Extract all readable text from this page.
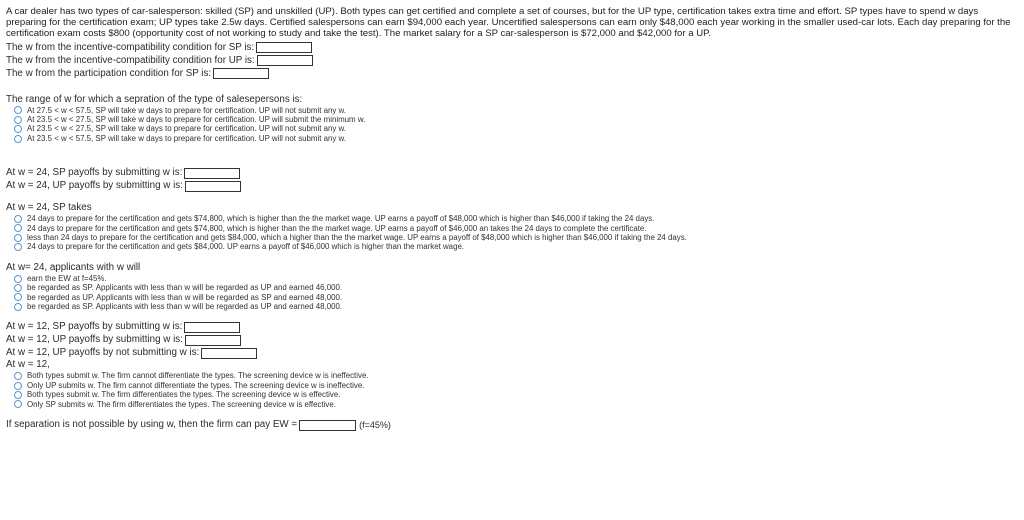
A car dealer has two types of car-salesperson: skilled (SP) and unskilled (UP). Both types can get certified and complete a set of courses, but for the UP type, certification takes extra time and effort. SP types have to spend w days preparing for the certification exam; UP types take 2.5w days. Certified salespersons can earn $94,000 each year. Uncertified salespersons can earn only $48,000 each year working in the smaller used-car lots. Each day preparing for the certification exam costs $800 (opportunity cost of not working to study and take the test). The market salary for a SP car-salesperson is $72,000 and $42,000 for a UP.
The w from the incentive-compatibility condition for SP is:
The w from the incentive-compatibility condition for UP is:
The w from the participation condition for SP is:
The range of w for which a sepration of the type of salesepersons is:
At 27.5 < w < 57.5, SP will take w days to prepare for certification. UP will not submit any w.
At 23.5 < w < 27.5, SP will take w days to prepare for certification. UP will submit the minimum w.
At 23.5 < w < 27.5, SP will take w days to prepare for certification. UP will not submit any w.
At 23.5 < w < 57.5, SP will take w days to prepare for certification. UP will not submit any w.
At w = 24, SP payoffs by submitting w is:
At w = 24, UP payoffs by submitting w is:
At w = 24, SP takes
24 days to prepare for the certification and gets $74,800, which is higher than the the market wage. UP earns a payoff of $48,000 which is higher than $46,000 if taking the 24 days.
24 days to prepare for the certification and gets $74,800, which is higher than the the market wage. UP earns a payoff of $46,000 an takes the 24 days to complete the certificate.
less than 24 days to prepare for the certification and gets $84,000, which a higher than the the market wage. UP earns a payoff of $48,000 which is higher than $46,000 if taking the 24 days.
24 days to prepare for the certification and gets $84,000. UP earns a payoff of $46,000 which is higher than the market wage.
At w= 24, applicants with w will
earn the EW at f=45%.
be regarded as SP. Applicants with less than w will be regarded as UP and earned 46,000.
be regarded as UP. Applicants with less than w will be regarded as SP and earned 48,000.
be regarded as SP. Applicants with less than w will be regarded as UP and earned 48,000.
At w = 12, SP payoffs by submitting w is:
At w = 12, UP payoffs by submitting w is:
At w = 12, UP payoffs by not submitting w is:
At w = 12,
Both types submit w. The firm cannot differentiate the types. The screening device w is ineffective.
Only UP submits w. The firm cannot differentiate the types. The screening device w is ineffective.
Both types submit w. The firm differentiates the types. The screening device w is effective.
Only SP submits w. The firm differentiates the types. The screening device w is effective.
If separation is not possible by using w, then the firm can pay EW =	(f=45%)
